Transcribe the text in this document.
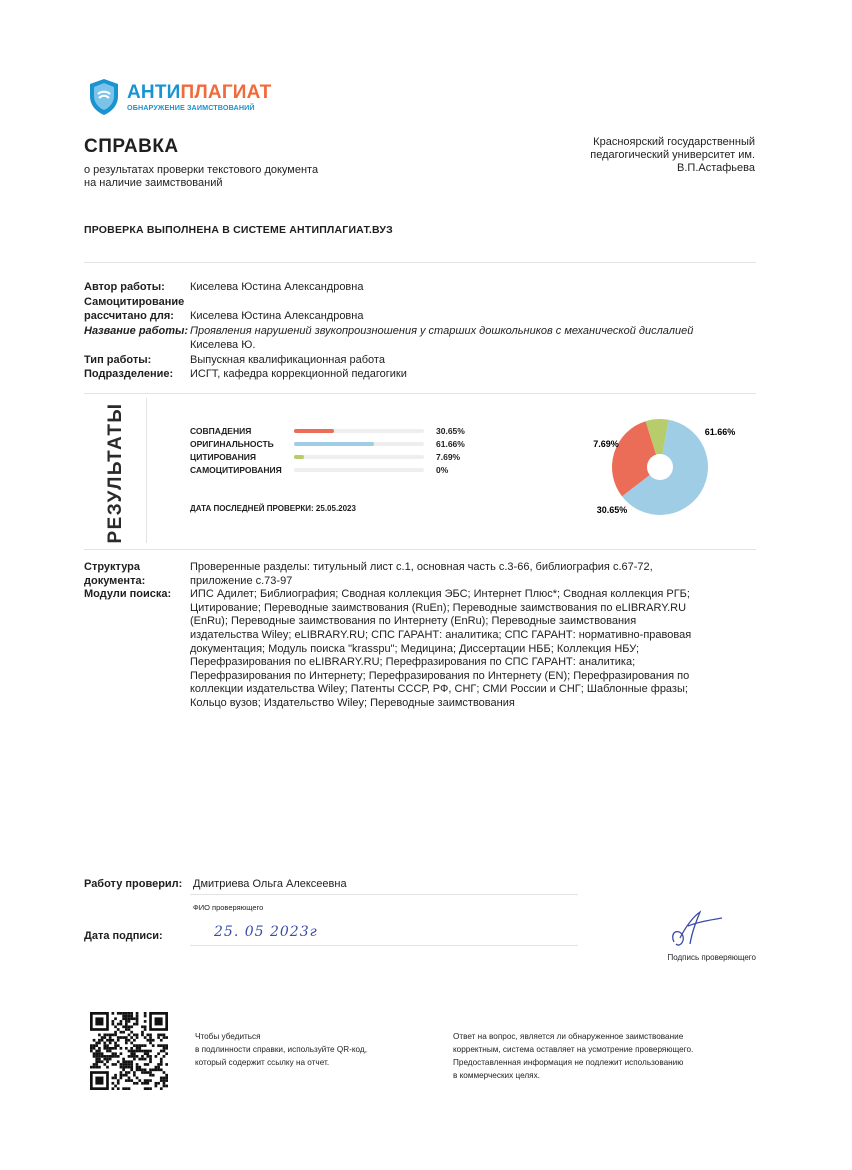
АНТИПЛАГИАТ
ОБНАРУЖЕНИЕ ЗАИМСТВОВАНИЙ
СПРАВКА
о результатах проверки текстового документа
на наличие заимствований
Красноярский государственный
педагогический университет им.
В.П.Астафьева
ПРОВЕРКА ВЫПОЛНЕНА В СИСТЕМЕ АНТИПЛАГИАТ.ВУЗ
Автор работы:	Киселева Юстина Александровна
Самоцитирование
рассчитано для:	Киселева Юстина Александровна
Название работы: Проявления нарушений звукопроизношения у старших дошкольников с механической дислалией
Киселева Ю.
Тип работы:	Выпускная квалификационная работа
Подразделение:	ИСГТ, кафедра коррекционной педагогики
РЕЗУЛЬТАТЫ	СОВПАДЕНИЯ	30.65%
ОРИГИНАЛЬНОСТЬ	61.66%
ЦИТИРОВАНИЯ	7.69%
САМОЦИТИРОВАНИЯ	0%
ДАТА ПОСЛЕДНЕЙ ПРОВЕРКИ: 25.05.2023
61.66%
30.65%
7.69%
Структура	Проверенные разделы: титульный лист с.1, основная часть с.3-66, библиография с.67-72,
документа:	приложение с.73-97
Модули поиска:	ИПС Адилет; Библиография; Сводная коллекция ЭБС; Интернет Плюс*; Сводная коллекция РГБ;
Цитирование; Переводные заимствования (RuEn); Переводные заимствования по eLIBRARY.RU
(EnRu); Переводные заимствования по Интернету (EnRu); Переводные заимствования
издательства Wiley; eLIBRARY.RU; СПС ГАРАНТ: аналитика; СПС ГАРАНТ: нормативно-правовая
документация; Модуль поиска "krasspu"; Медицина; Диссертации НББ; Коллекция НБУ;
Перефразирования по eLIBRARY.RU; Перефразирования по СПС ГАРАНТ: аналитика;
Перефразирования по Интернету; Перефразирования по Интернету (EN); Перефразирования по
коллекции издательства Wiley; Патенты СССР, РФ, СНГ; СМИ России и СНГ; Шаблонные фразы;
Кольцо вузов; Издательство Wiley; Переводные заимствования
Работу проверил: Дмитриева Ольга Алексеевна
ФИО проверяющего
Дата подписи:	25. 05 2023г
Подпись проверяющего
Чтобы убедиться
в подлинности справки, используйте QR-код,
который содержит ссылку на отчет.
Ответ на вопрос, является ли обнаруженное заимствование
корректным, система оставляет на усмотрение проверяющего.
Предоставленная информация не подлежит использованию
в коммерческих целях.
